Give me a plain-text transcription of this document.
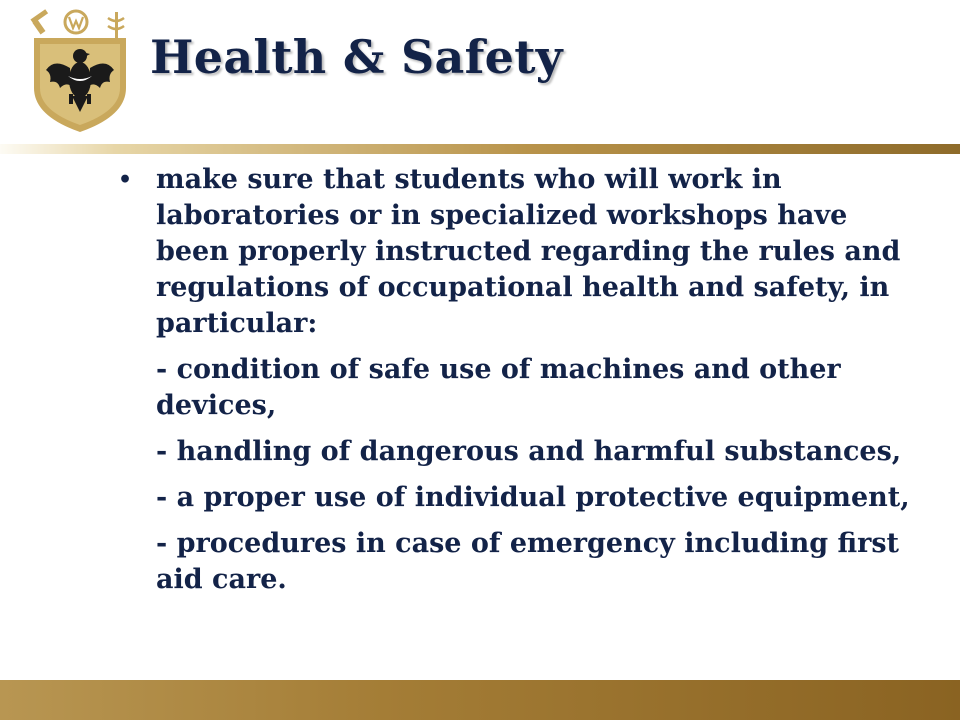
Health & Safety
• make sure that students who will work in laboratories or in specialized workshops have been properly instructed regarding the rules and regulations of occupational health and safety, in particular:
- condition of safe use of machines and other devices,
- handling of dangerous and harmful substances,
- a proper use of individual protective equipment,
- procedures in case of emergency including first aid care.
